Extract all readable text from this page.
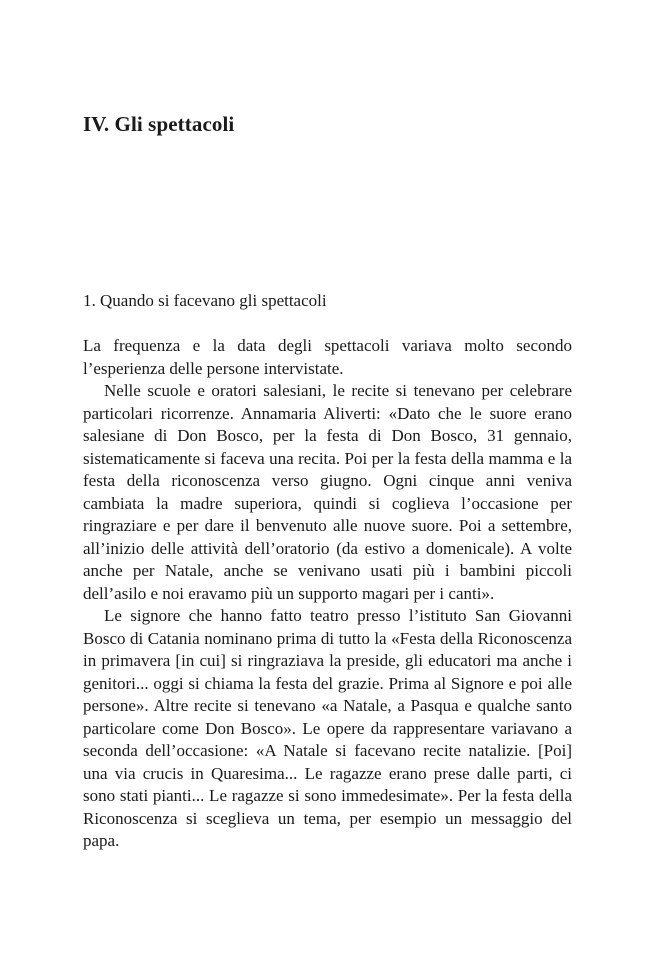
IV. Gli spettacoli
1. Quando si facevano gli spettacoli

La frequenza e la data degli spettacoli variava molto secondo l’esperienza delle persone intervistate.

Nelle scuole e oratori salesiani, le recite si tenevano per celebrare particolari ricorrenze. Annamaria Aliverti: «Dato che le suore erano salesiane di Don Bosco, per la festa di Don Bosco, 31 gennaio, sistematicamente si faceva una recita. Poi per la festa della mamma e la festa della riconoscenza verso giugno. Ogni cinque anni veniva cambiata la madre superiora, quindi si coglieva l’occasione per ringraziare e per dare il benvenuto alle nuove suore. Poi a settembre, all’inizio delle attività dell’oratorio (da estivo a domenicale). A volte anche per Natale, anche se venivano usati più i bambini piccoli dell’asilo e noi eravamo più un supporto magari per i canti».

Le signore che hanno fatto teatro presso l’istituto San Giovanni Bosco di Catania nominano prima di tutto la «Festa della Riconoscenza in primavera [in cui] si ringraziava la preside, gli educatori ma anche i genitori... oggi si chiama la festa del grazie. Prima al Signore e poi alle persone». Altre recite si tenevano «a Natale, a Pasqua e qualche santo particolare come Don Bosco». Le opere da rappresentare variavano a seconda dell’occasione: «A Natale si facevano recite natalizie. [Poi] una via crucis in Quaresima... Le ragazze erano prese dalle parti, ci sono stati pianti... Le ragazze si sono immedesimate». Per la festa della Riconoscenza si sceglieva un tema, per esempio un messaggio del papa.
